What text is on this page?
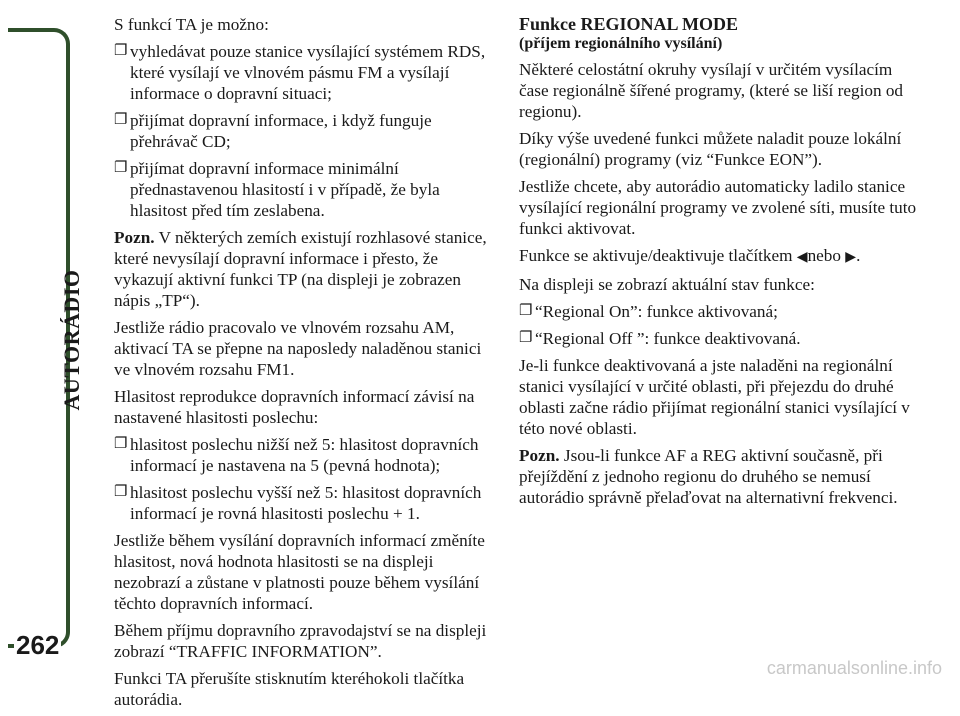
AUTORÁDIO
262

S funkcí TA je možno:

❐ vyhledávat pouze stanice vysílající systémem RDS, které vysílají ve vlnovém pásmu FM a vysílají informace o dopravní situaci;
❐ přijímat dopravní informace, i když funguje přehrávač CD;
❐ přijímat dopravní informace minimální přednastavenou hlasitostí i v případě, že byla hlasitost před tím zeslabena.

Pozn. V některých zemích existují rozhlasové stanice, které nevysílají dopravní informace i přesto, že vykazují aktivní funkci TP (na displeji je zobrazen nápis „TP“).

Jestliže rádio pracovalo ve vlnovém rozsahu AM, aktivací TA se přepne na naposledy naladěnou stanici ve vlnovém rozsahu FM1.

Hlasitost reprodukce dopravních informací závisí na nastavené hlasitosti poslechu:

❐ hlasitost poslechu nižší než 5: hlasitost dopravních informací je nastavena na 5 (pevná hodnota);
❐ hlasitost poslechu vyšší než 5: hlasitost dopravních informací je rovná hlasitosti poslechu + 1.

Jestliže během vysílání dopravních informací změníte hlasitost, nová hodnota hlasitosti se na displeji nezobrazí a zůstane v platnosti pouze během vysílání těchto dopravních informací.

Během příjmu dopravního zpravodajství se na displeji zobrazí “TRAFFIC INFORMATION”.

Funkci TA přerušíte stisknutím kteréhokoli tlačítka autorádia.

Funkce REGIONAL MODE
(příjem regionálního vysílání)

Některé celostátní okruhy vysílají v určitém vysílacím čase regionálně šířené programy, (které se liší region od regionu).

Díky výše uvedené funkci můžete naladit pouze lokální (regionální) programy (viz “Funkce EON”).

Jestliže chcete, aby autorádio automaticky ladilo stanice vysílající regionální programy ve zvolené síti, musíte tuto funkci aktivovat.

Funkce se aktivuje/deaktivuje tlačítkem ◀nebo ▶.

Na displeji se zobrazí aktuální stav funkce:

❐ “Regional On”: funkce aktivovaná;
❐ “Regional Off ”: funkce deaktivovaná.

Je-li funkce deaktivovaná a jste naladěni na regionální stanici vysílající v určité oblasti, při přejezdu do druhé oblasti začne rádio přijímat regionální stanici vysílající v této nové oblasti.

Pozn. Jsou-li funkce AF a REG aktivní současně, při přejíždění z jednoho regionu do druhého se nemusí autorádio správně přelaďovat na alternativní frekvenci.

carmanualsonline.info
